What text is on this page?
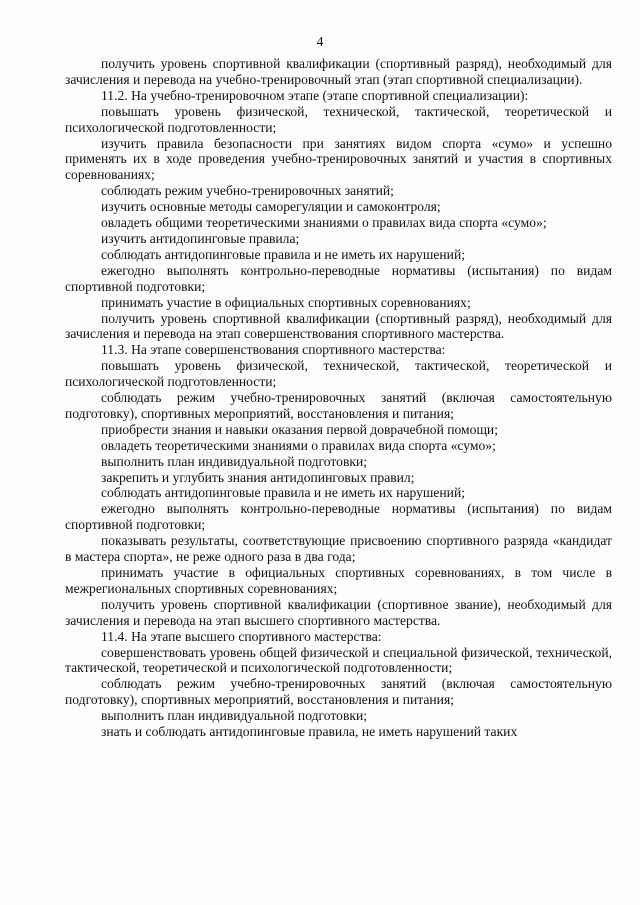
4

получить уровень спортивной квалификации (спортивный разряд), необходимый для зачисления и перевода на учебно-тренировочный этап (этап спортивной специализации).

11.2. На учебно-тренировочном этапе (этапе спортивной специализации):

повышать уровень физической, технической, тактической, теоретической и психологической подготовленности;

изучить правила безопасности при занятиях видом спорта «сумо» и успешно применять их в ходе проведения учебно-тренировочных занятий и участия в спортивных соревнованиях;

соблюдать режим учебно-тренировочных занятий;

изучить основные методы саморегуляции и самоконтроля;

овладеть общими теоретическими знаниями о правилах вида спорта «сумо»;

изучить антидопинговые правила;

соблюдать антидопинговые правила и не иметь их нарушений;

ежегодно выполнять контрольно-переводные нормативы (испытания) по видам спортивной подготовки;

принимать участие в официальных спортивных соревнованиях;

получить уровень спортивной квалификации (спортивный разряд), необходимый для зачисления и перевода на этап совершенствования спортивного мастерства.

11.3. На этапе совершенствования спортивного мастерства:

повышать уровень физической, технической, тактической, теоретической и психологической подготовленности;

соблюдать режим учебно-тренировочных занятий (включая самостоятельную подготовку), спортивных мероприятий, восстановления и питания;

приобрести знания и навыки оказания первой доврачебной помощи;

овладеть теоретическими знаниями о правилах вида спорта «сумо»;

выполнить план индивидуальной подготовки;

закрепить и углубить знания антидопинговых правил;

соблюдать антидопинговые правила и не иметь их нарушений;

ежегодно выполнять контрольно-переводные нормативы (испытания) по видам спортивной подготовки;

показывать результаты, соответствующие присвоению спортивного разряда «кандидат в мастера спорта», не реже одного раза в два года;

принимать участие в официальных спортивных соревнованиях, в том числе в межрегиональных спортивных соревнованиях;

получить уровень спортивной квалификации (спортивное звание), необходимый для зачисления и перевода на этап высшего спортивного мастерства.

11.4. На этапе высшего спортивного мастерства:

совершенствовать уровень общей физической и специальной физической, технической, тактической, теоретической и психологической подготовленности;

соблюдать режим учебно-тренировочных занятий (включая самостоятельную подготовку), спортивных мероприятий, восстановления и питания;

выполнить план индивидуальной подготовки;

знать и соблюдать антидопинговые правила, не иметь нарушений таких
